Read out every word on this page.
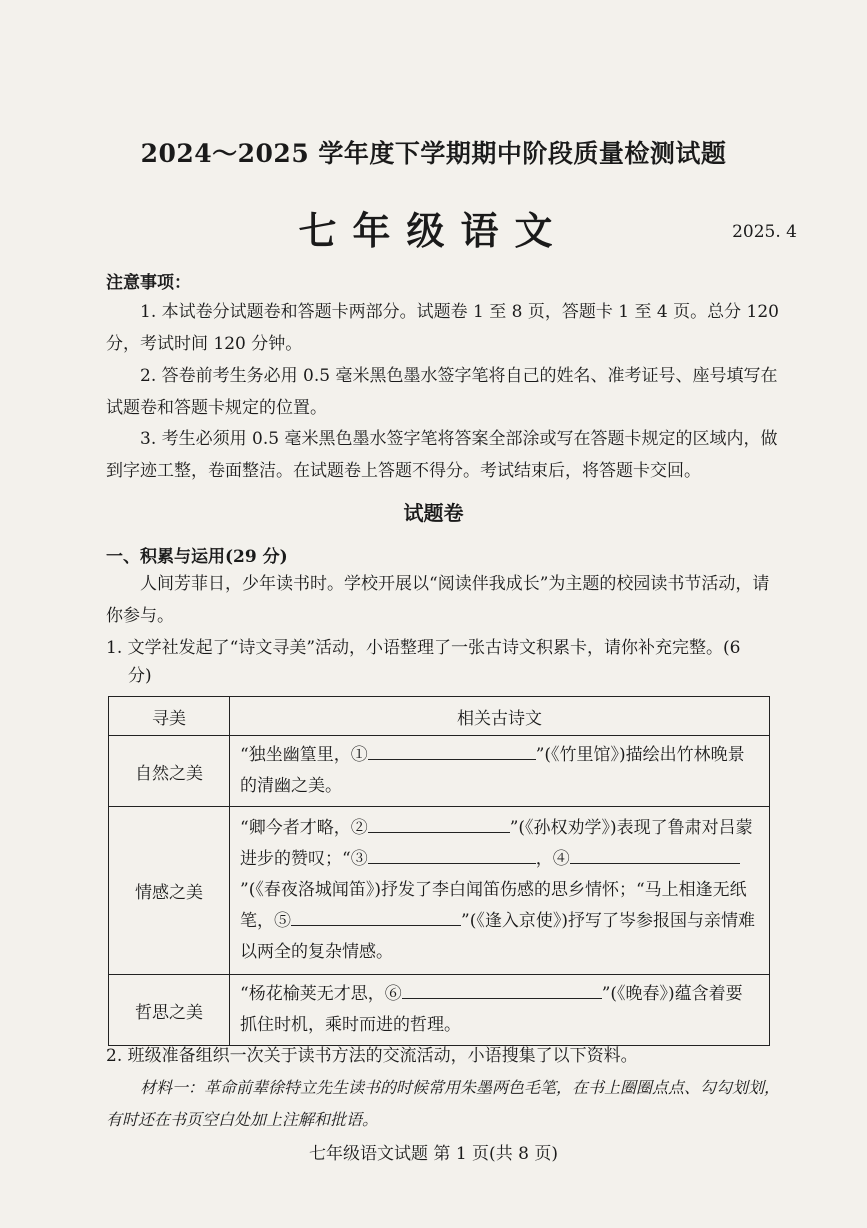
2024～2025 学年度下学期期中阶段质量检测试题
七年级语文	2025. 4
注意事项：
1. 本试卷分试题卷和答题卡两部分。试题卷 1 至 8 页，答题卡 1 至 4 页。总分 120 分，考试时间 120 分钟。
2. 答卷前考生务必用 0.5 毫米黑色墨水签字笔将自己的姓名、准考证号、座号填写在试题卷和答题卡规定的位置。
3. 考生必须用 0.5 毫米黑色墨水签字笔将答案全部涂或写在答题卡规定的区域内，做到字迹工整，卷面整洁。在试题卷上答题不得分。考试结束后，将答题卡交回。
试题卷
一、积累与运用(29 分)
人间芳菲日，少年读书时。学校开展以“阅读伴我成长”为主题的校园读书节活动，请你参与。
1. 文学社发起了“诗文寻美”活动，小语整理了一张古诗文积累卡，请你补充完整。(6
分)
寻美	相关古诗文
自然之美	“独坐幽篁里，① ”(《竹里馆》)描绘出竹林晚景的清幽之美。
情感之美	“卿今者才略，② ”(《孙权劝学》)表现了鲁肃对吕蒙进步的赞叹；“③ ，④”(《春夜洛城闻笛》)抒发了李白闻笛伤感的思乡情怀；“马上相逢无纸笔，⑤ ”(《逢入京使》)抒写了岑参报国与亲情难以两全的复杂情感。
哲思之美	“杨花榆荚无才思，⑥ ”(《晚春》)蕴含着要抓住时机，乘时而进的哲理。
2. 班级准备组织一次关于读书方法的交流活动，小语搜集了以下资料。
材料一：革命前辈徐特立先生读书的时候常用朱墨两色毛笔，在书上圈圈点点、勾勾划划，有时还在书页空白处加上注解和批语。
七年级语文试题 第 1 页(共 8 页)
